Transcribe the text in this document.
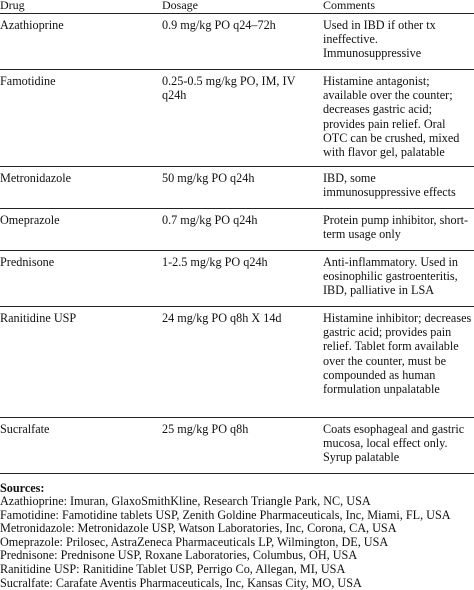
Drug	Dosage	Comments
Azathioprine	0.9 mg/kg PO q24–72h	Used in IBD if other tx ineffective. Immunosuppressive
Famotidine	0.25-0.5 mg/kg PO, IM, IV q24h	Histamine antagonist; available over the counter; decreases gastric acid; provides pain relief. Oral OTC can be crushed, mixed with flavor gel, palatable
Metronidazole	50 mg/kg PO q24h	IBD, some immunosuppressive effects
Omeprazole	0.7 mg/kg PO q24h	Protein pump inhibitor, short-term usage only
Prednisone	1-2.5 mg/kg PO q24h	Anti-inflammatory. Used in eosinophilic gastroenteritis, IBD, palliative in LSA
Ranitidine USP	24 mg/kg PO q8h X 14d	Histamine inhibitor; decreases gastric acid; provides pain relief. Tablet form available over the counter, must be compounded as human formulation unpalatable
Sucralfate	25 mg/kg PO q8h	Coats esophageal and gastric mucosa, local effect only. Syrup palatable
Sources:
Azathioprine: Imuran, GlaxoSmithKline, Research Triangle Park, NC, USA
Famotidine: Famotidine tablets USP, Zenith Goldine Pharmaceuticals, Inc, Miami, FL, USA
Metronidazole: Metronidazole USP, Watson Laboratories, Inc, Corona, CA, USA
Omeprazole: Prilosec, AstraZeneca Pharmaceuticals LP, Wilmington, DE, USA
Prednisone: Prednisone USP, Roxane Laboratories, Columbus, OH, USA
Ranitidine USP: Ranitidine Tablet USP, Perrigo Co, Allegan, MI, USA
Sucralfate: Carafate Aventis Pharmaceuticals, Inc, Kansas City, MO, USA
